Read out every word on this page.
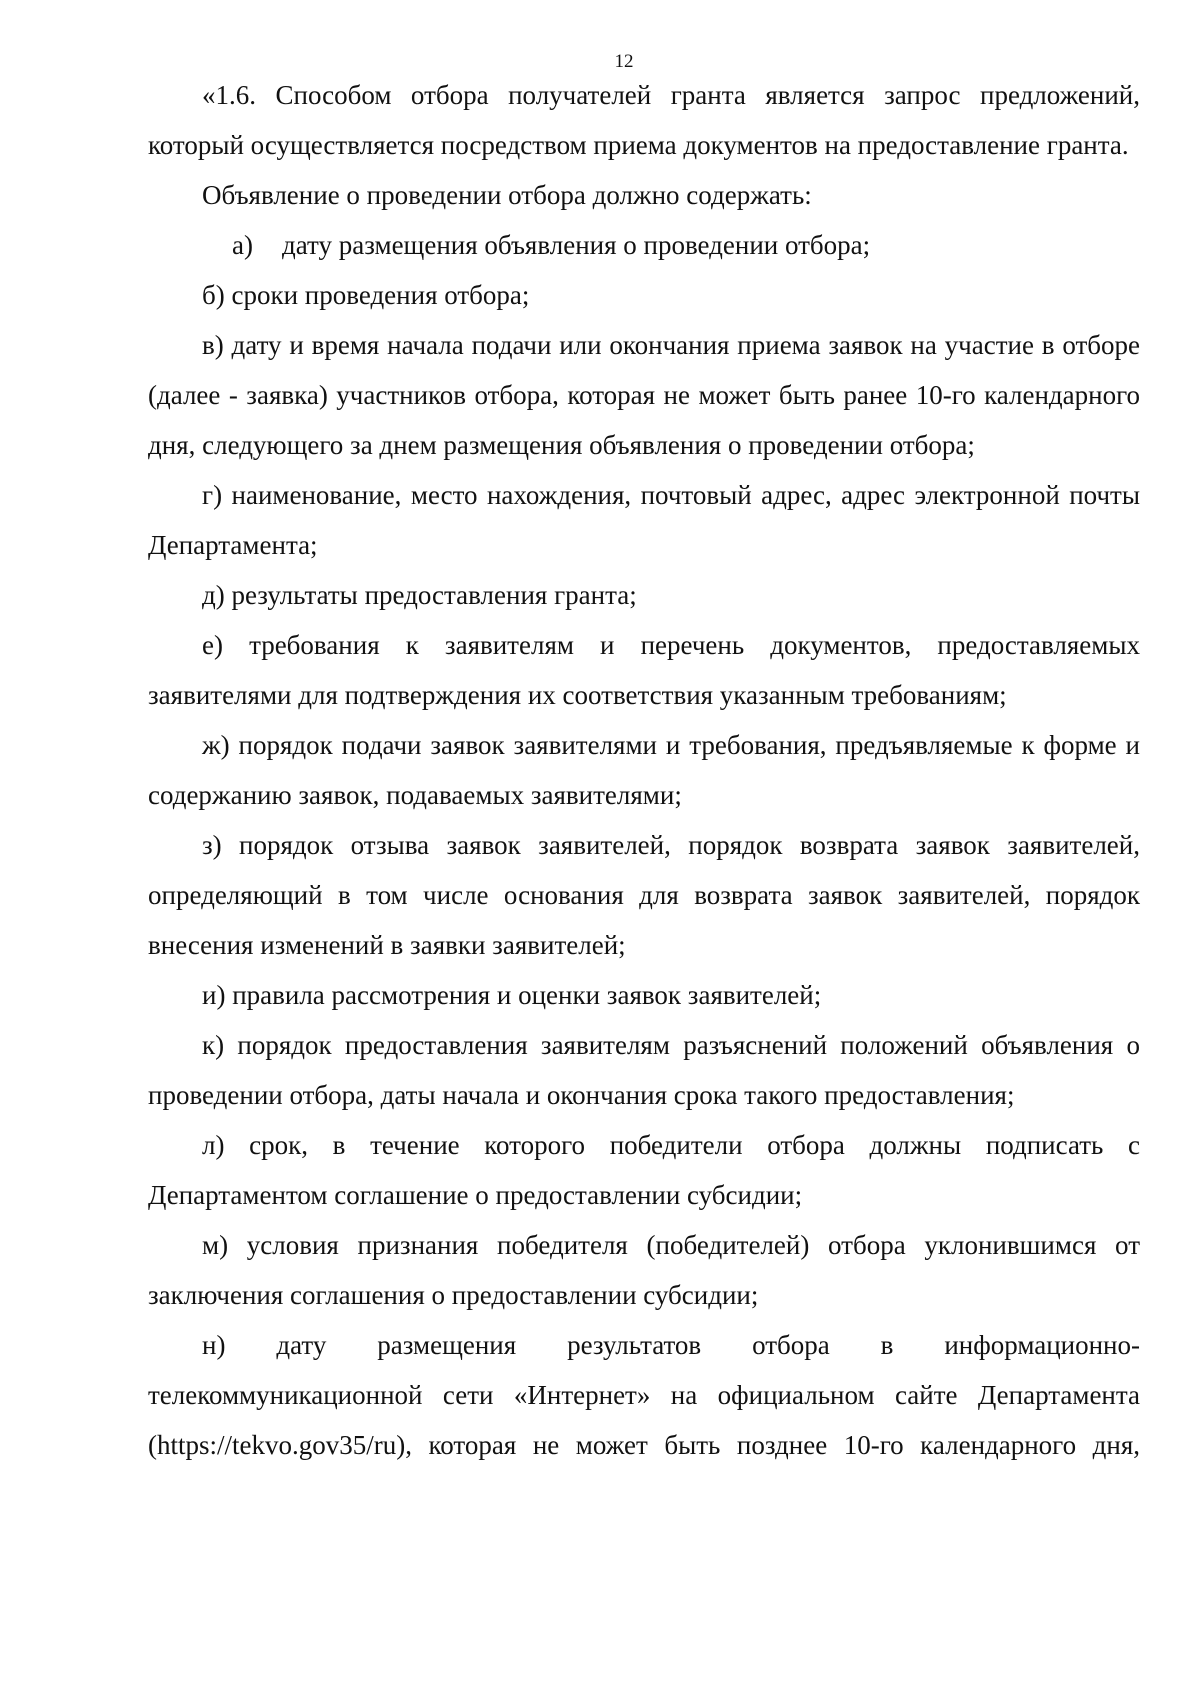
12

«1.6. Способом отбора получателей гранта является запрос предложений, который осуществляется посредством приема документов на предоставление гранта.

Объявление о проведении отбора должно содержать:

а) дату размещения объявления о проведении отбора;

б) сроки проведения отбора;

в) дату и время начала подачи или окончания приема заявок на участие в отборе (далее - заявка) участников отбора, которая не может быть ранее 10-го календарного дня, следующего за днем размещения объявления о проведении отбора;

г) наименование, место нахождения, почтовый адрес, адрес электронной почты Департамента;

д) результаты предоставления гранта;

е) требования к заявителям и перечень документов, предоставляемых заявителями для подтверждения их соответствия указанным требованиям;

ж) порядок подачи заявок заявителями и требования, предъявляемые к форме и содержанию заявок, подаваемых заявителями;

з) порядок отзыва заявок заявителей, порядок возврата заявок заявителей, определяющий в том числе основания для возврата заявок заявителей, порядок внесения изменений в заявки заявителей;

и) правила рассмотрения и оценки заявок заявителей;

к) порядок предоставления заявителям разъяснений положений объявления о проведении отбора, даты начала и окончания срока такого предоставления;

л) срок, в течение которого победители отбора должны подписать с Департаментом соглашение о предоставлении субсидии;

м) условия признания победителя (победителей) отбора уклонившимся от заключения соглашения о предоставлении субсидии;

н) дату размещения результатов отбора в информационно-телекоммуникационной сети «Интернет» на официальном сайте Департамента (https://tekvo.gov35/ru), которая не может быть позднее 10-го календарного дня,
